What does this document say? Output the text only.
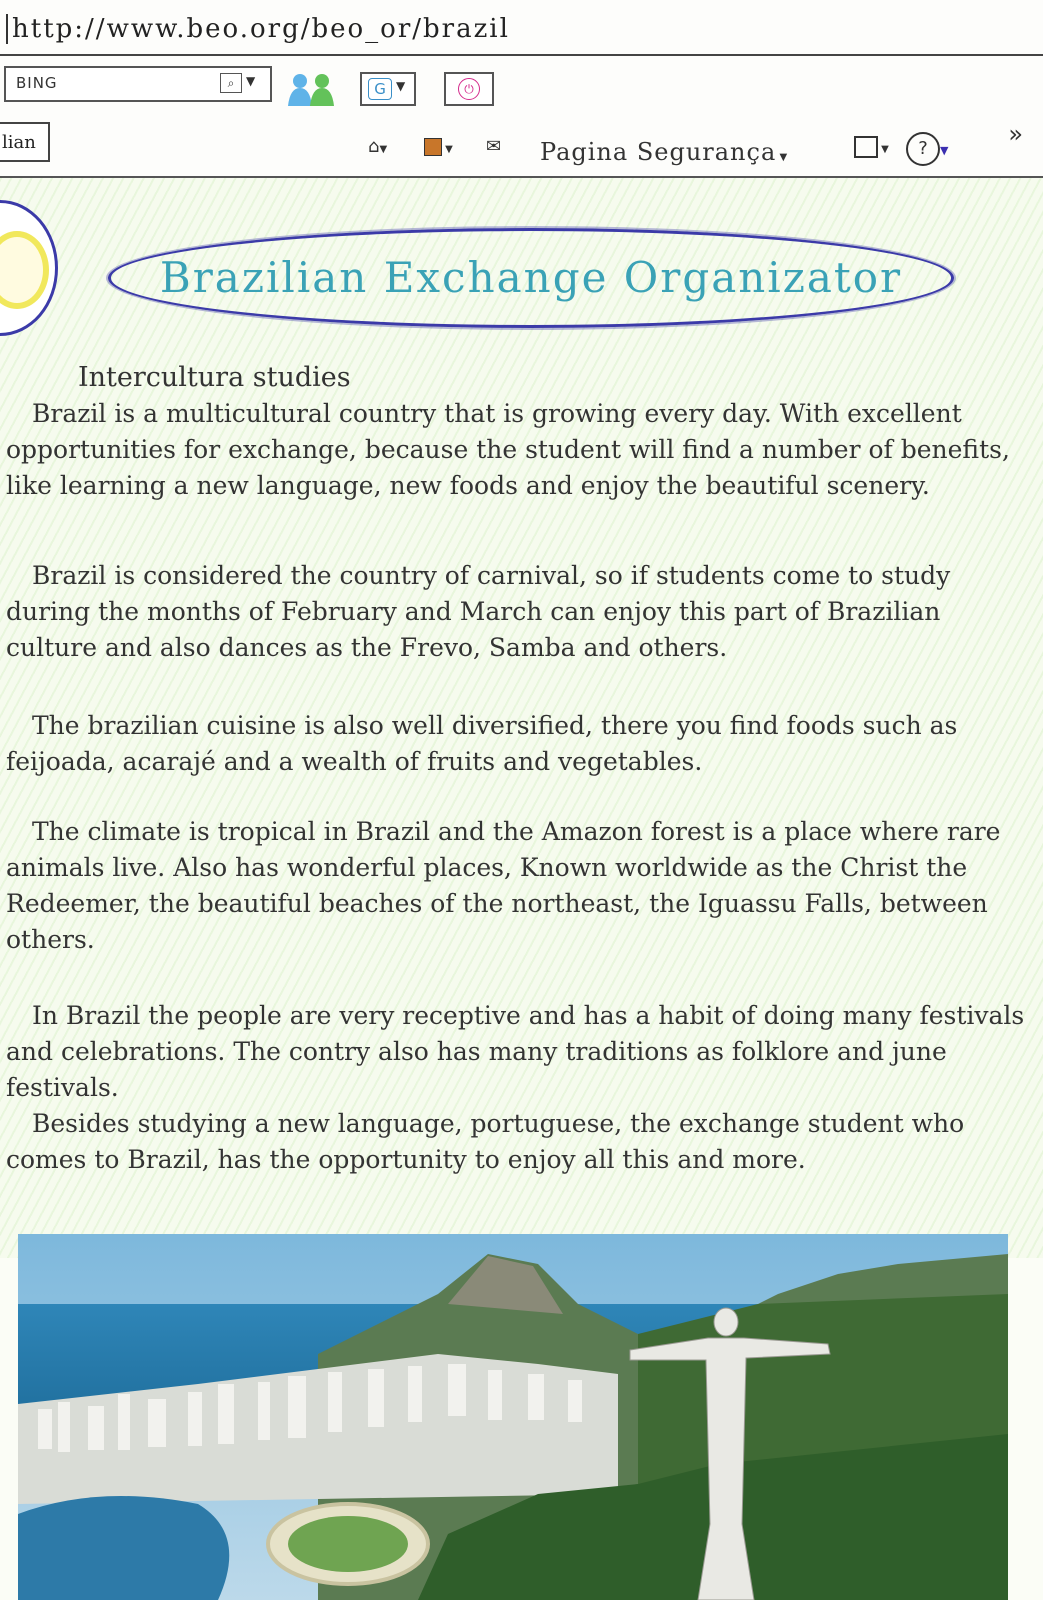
http://www.beo.org/beo_or/brazil
BING	⌕ ▼	G ▼	⏻
lian	⌂▼	▼ ✉ Pagina Segurança ▼
▼	? ▼
»
Brazilian Exchange Organizator
Intercultura studies

Brazil is a multicultural country that is growing every day. With excellent opportunities for exchange, because the student will find a number of benefits, like learning a new language, new foods and enjoy the beautiful scenery.

Brazil is considered the country of carnival, so if students come to study during the months of February and March can enjoy this part of Brazilian culture and also dances as the Frevo, Samba and others.

The brazilian cuisine is also well diversified, there you find foods such as feijoada, acarajé and a wealth of fruits and vegetables.

The climate is tropical in Brazil and the Amazon forest is a place where rare animals live. Also has wonderful places, Known worldwide as the Christ the Redeemer, the beautiful beaches of the northeast, the Iguassu Falls, between others.

In Brazil the people are very receptive and has a habit of doing many festivals and celebrations. The contry also has many traditions as folklore and june festivals.

Besides studying a new language, portuguese, the exchange student who comes to Brazil, has the opportunity to enjoy all this and more.
